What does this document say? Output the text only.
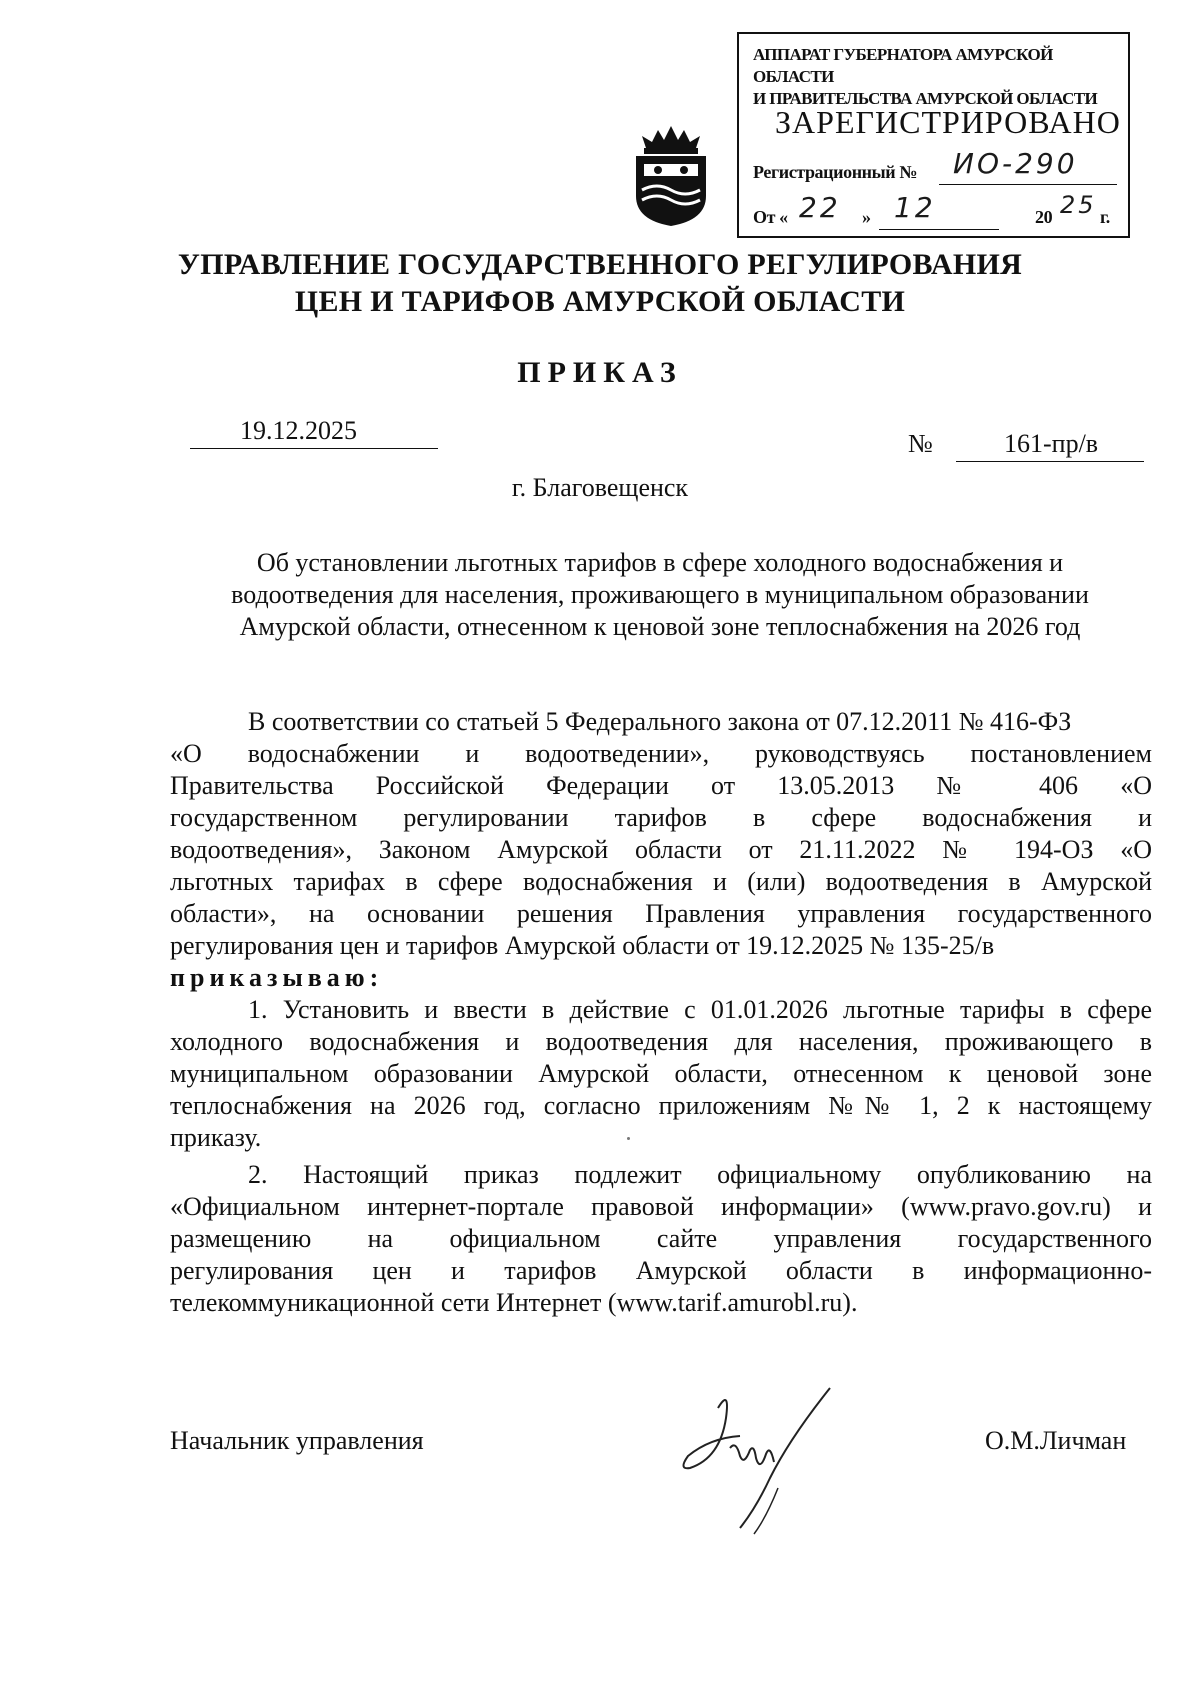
АППАРАТ ГУБЕРНАТОРА АМУРСКОЙ ОБЛАСТИ
И ПРАВИТЕЛЬСТВА АМУРСКОЙ ОБЛАСТИ
ЗАРЕГИСТРИРОВАНО
Регистрационный № ИО-290
От « 22 » 12	20 25 г.
УПРАВЛЕНИЕ ГОСУДАРСТВЕННОГО РЕГУЛИРОВАНИЯ
ЦЕН И ТАРИФОВ АМУРСКОЙ ОБЛАСТИ
ПРИКАЗ
19.12.2025	№	161-пр/в
г. Благовещенск
Об установлении льготных тарифов в сфере холодного водоснабжения и
водоотведения для населения, проживающего в муниципальном образовании
Амурской области, отнесенном к ценовой зоне теплоснабжения на 2026 год
В соответствии со статьей 5 Федерального закона от 07.12.2011 № 416-ФЗ
«О водоснабжении и водоотведении», руководствуясь постановлением
Правительства Российской Федерации от 13.05.2013 № 406 «О
государственном регулировании тарифов в сфере водоснабжения и
водоотведения», Законом Амурской области от 21.11.2022 № 194-ОЗ «О
льготных тарифах в сфере водоснабжения и (или) водоотведения в Амурской
области», на основании решения Правления управления государственного
регулирования цен и тарифов Амурской области от 19.12.2025 № 135-25/в
приказываю:
1. Установить и ввести в действие с 01.01.2026 льготные тарифы в сфере
холодного водоснабжения и водоотведения для населения, проживающего в
муниципальном образовании Амурской области, отнесенном к ценовой зоне
теплоснабжения на 2026 год, согласно приложениям №№ 1, 2 к настоящему
приказу.
2. Настоящий приказ подлежит официальному опубликованию на
«Официальном интернет-портале правовой информации» (www.pravo.gov.ru) и
размещению на официальном сайте управления государственного
регулирования цен и тарифов Амурской области в информационно-
телекоммуникационной сети Интернет (www.tarif.amurobl.ru).
Начальник управления	О.М.Личман
